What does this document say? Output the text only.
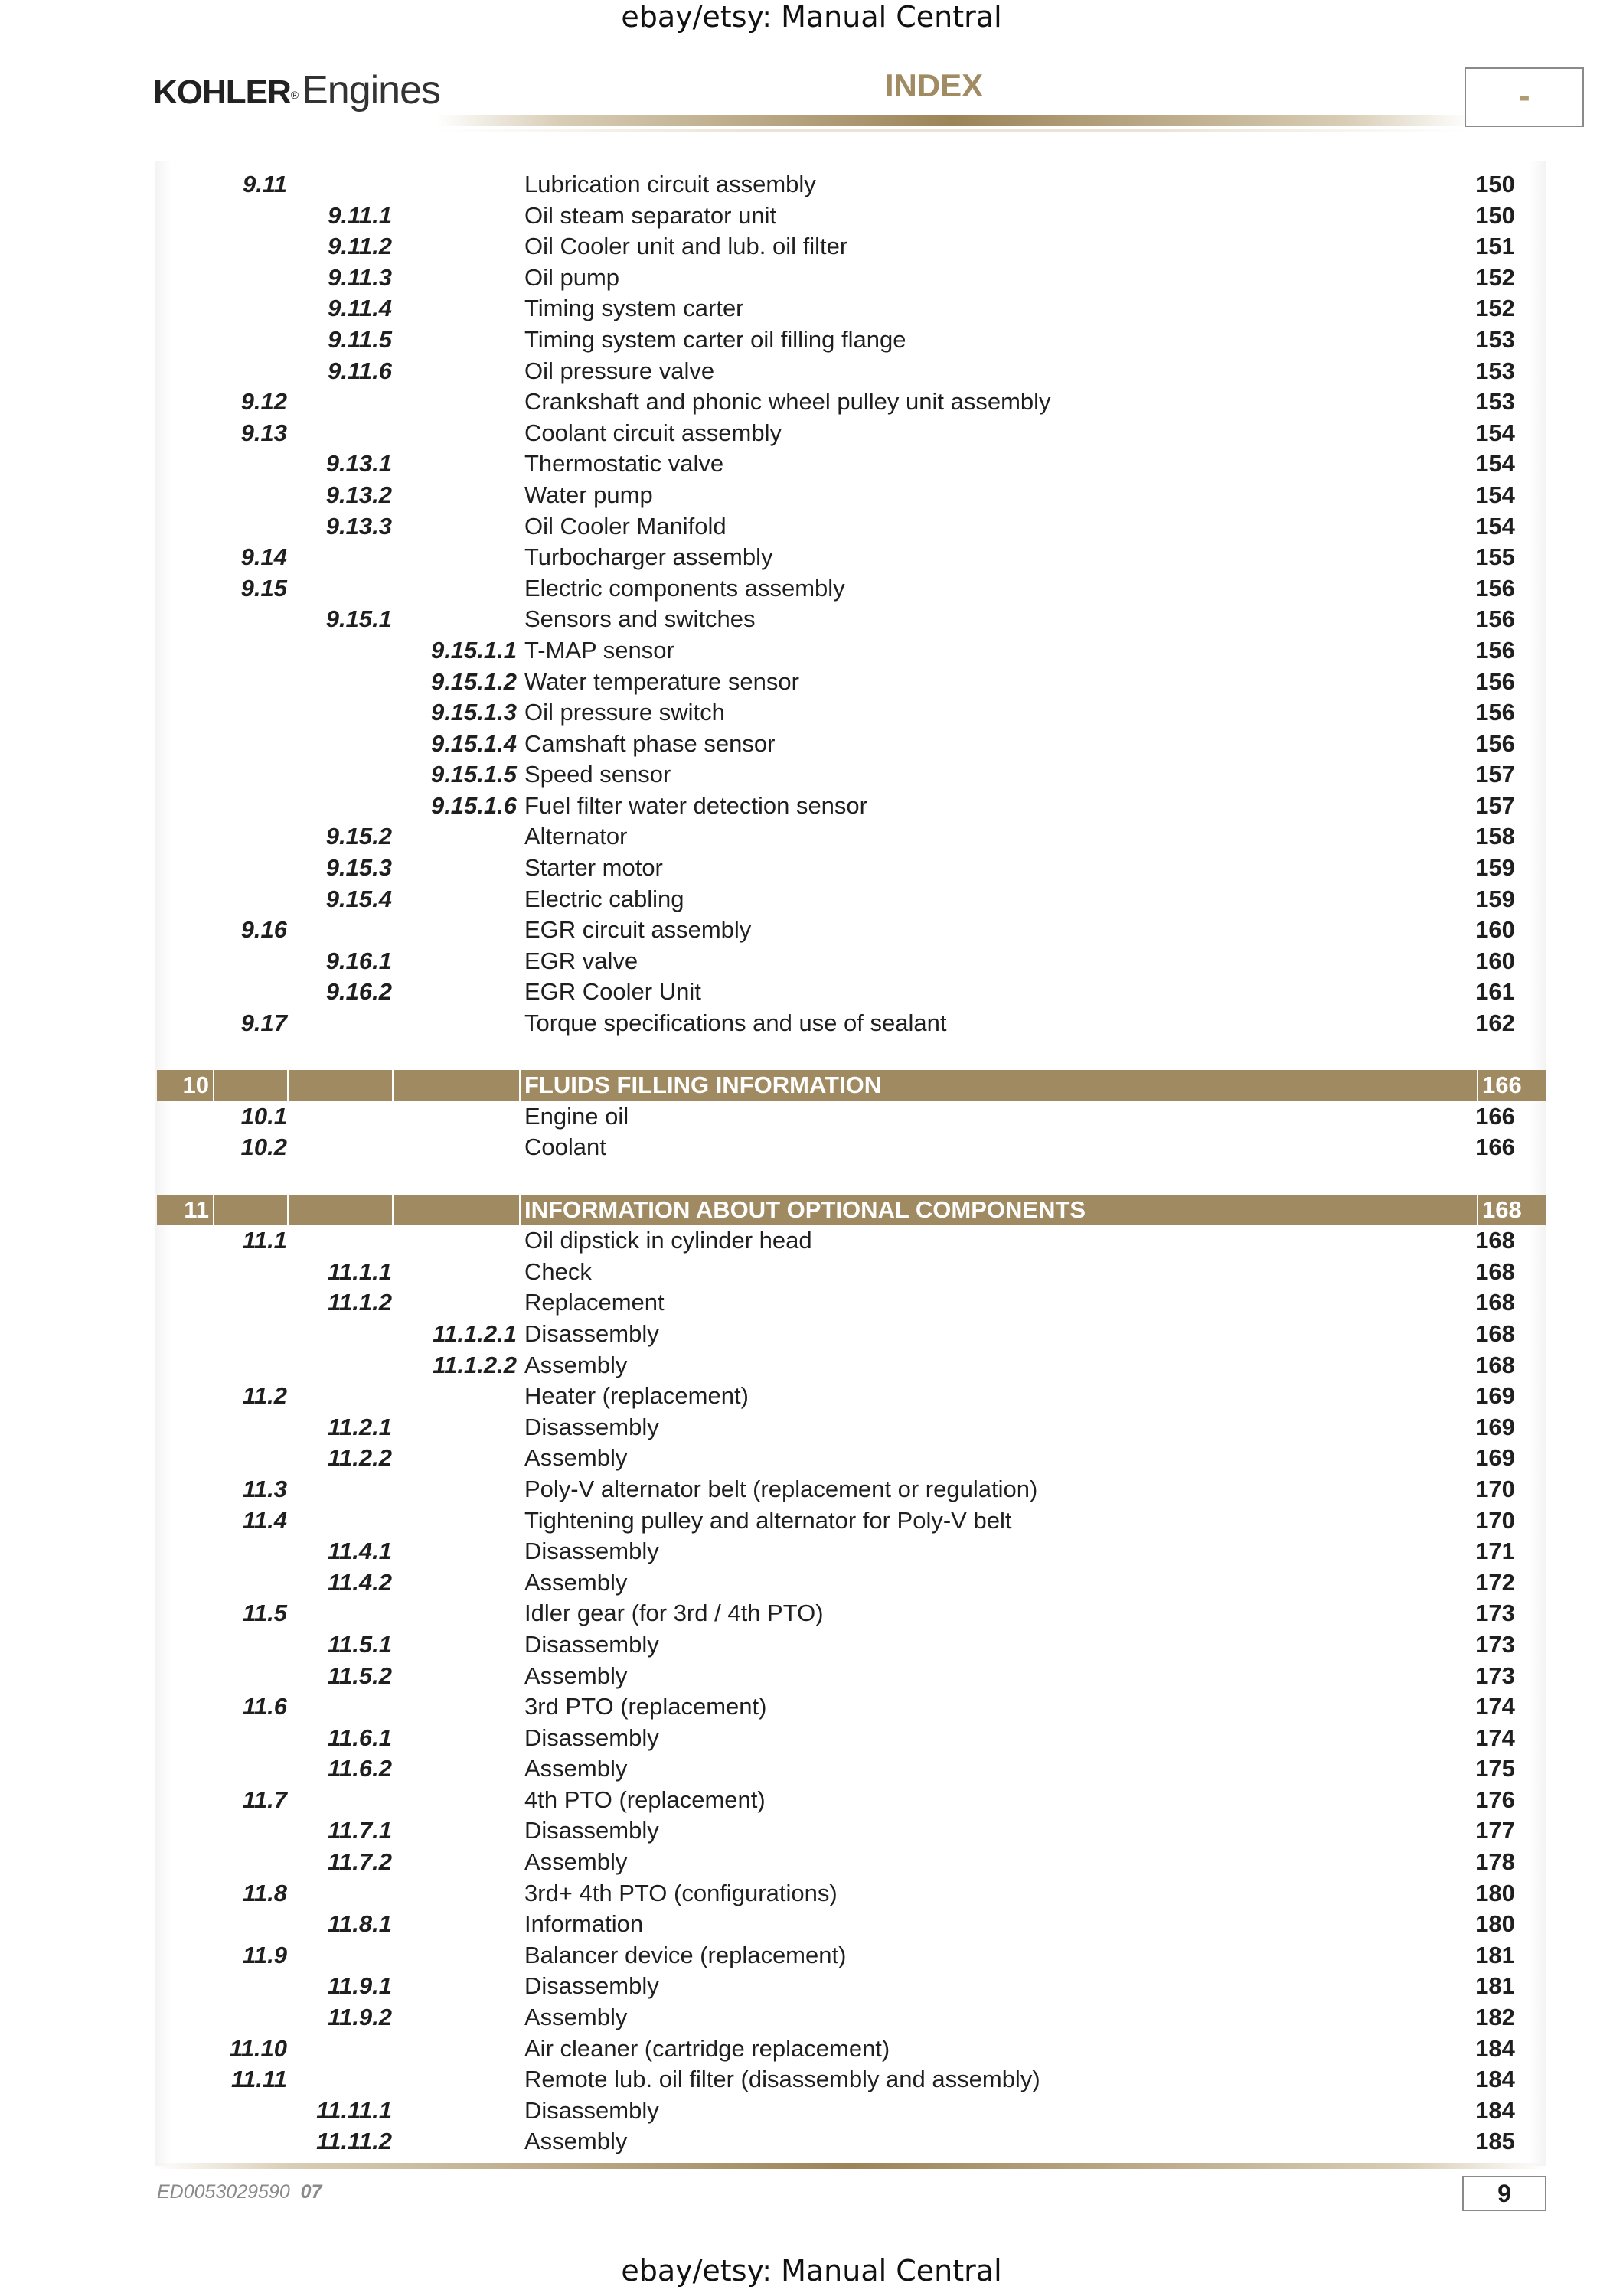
ebay/etsy: Manual Central
KOHLER®Engines	INDEX	-
9.11	Lubrication circuit assembly	150
9.11.1	Oil steam separator unit	150
9.11.2	Oil Cooler unit and lub. oil filter	151
9.11.3	Oil pump	152
9.11.4	Timing system carter	152
9.11.5	Timing system carter oil filling flange	153
9.11.6	Oil pressure valve	153
9.12	Crankshaft and phonic wheel pulley unit assembly	153
9.13	Coolant circuit assembly	154
9.13.1	Thermostatic valve	154
9.13.2	Water pump	154
9.13.3	Oil Cooler Manifold	154
9.14	Turbocharger assembly	155
9.15	Electric components assembly	156
9.15.1	Sensors and switches	156
9.15.1.1 T-MAP sensor	156
9.15.1.2 Water temperature sensor	156
9.15.1.3 Oil pressure switch	156
9.15.1.4 Camshaft phase sensor	156
9.15.1.5 Speed sensor	157
9.15.1.6 Fuel filter water detection sensor	157
9.15.2	Alternator	158
9.15.3	Starter motor	159
9.15.4	Electric cabling	159
9.16	EGR circuit assembly	160
9.16.1	EGR valve	160
9.16.2	EGR Cooler Unit	161
9.17	Torque specifications and use of sealant	162
10	FLUIDS FILLING INFORMATION	166
10.1	Engine oil	166
10.2	Coolant	166
11	INFORMATION ABOUT OPTIONAL COMPONENTS	168
11.1	Oil dipstick in cylinder head	168
11.1.1	Check	168
11.1.2	Replacement	168
11.1.2.1 Disassembly	168
11.1.2.2 Assembly	168
11.2	Heater (replacement)	169
11.2.1	Disassembly	169
11.2.2	Assembly	169
11.3	Poly-V alternator belt (replacement or regulation)	170
11.4	Tightening pulley and alternator for Poly-V belt	170
11.4.1	Disassembly	171
11.4.2	Assembly	172
11.5	Idler gear (for 3rd / 4th PTO)	173
11.5.1	Disassembly	173
11.5.2	Assembly	173
11.6	3rd PTO (replacement)	174
11.6.1	Disassembly	174
11.6.2	Assembly	175
11.7	4th PTO (replacement)	176
11.7.1	Disassembly	177
11.7.2	Assembly	178
11.8	3rd+ 4th PTO (configurations)	180
11.8.1	Information	180
11.9	Balancer device (replacement)	181
11.9.1	Disassembly	181
11.9.2	Assembly	182
11.10	Air cleaner (cartridge replacement)	184
11.11	Remote lub. oil filter (disassembly and assembly)	184
11.11.1	Disassembly	184
11.11.2	Assembly	185
ED0053029590_07	9
ebay/etsy: Manual Central
